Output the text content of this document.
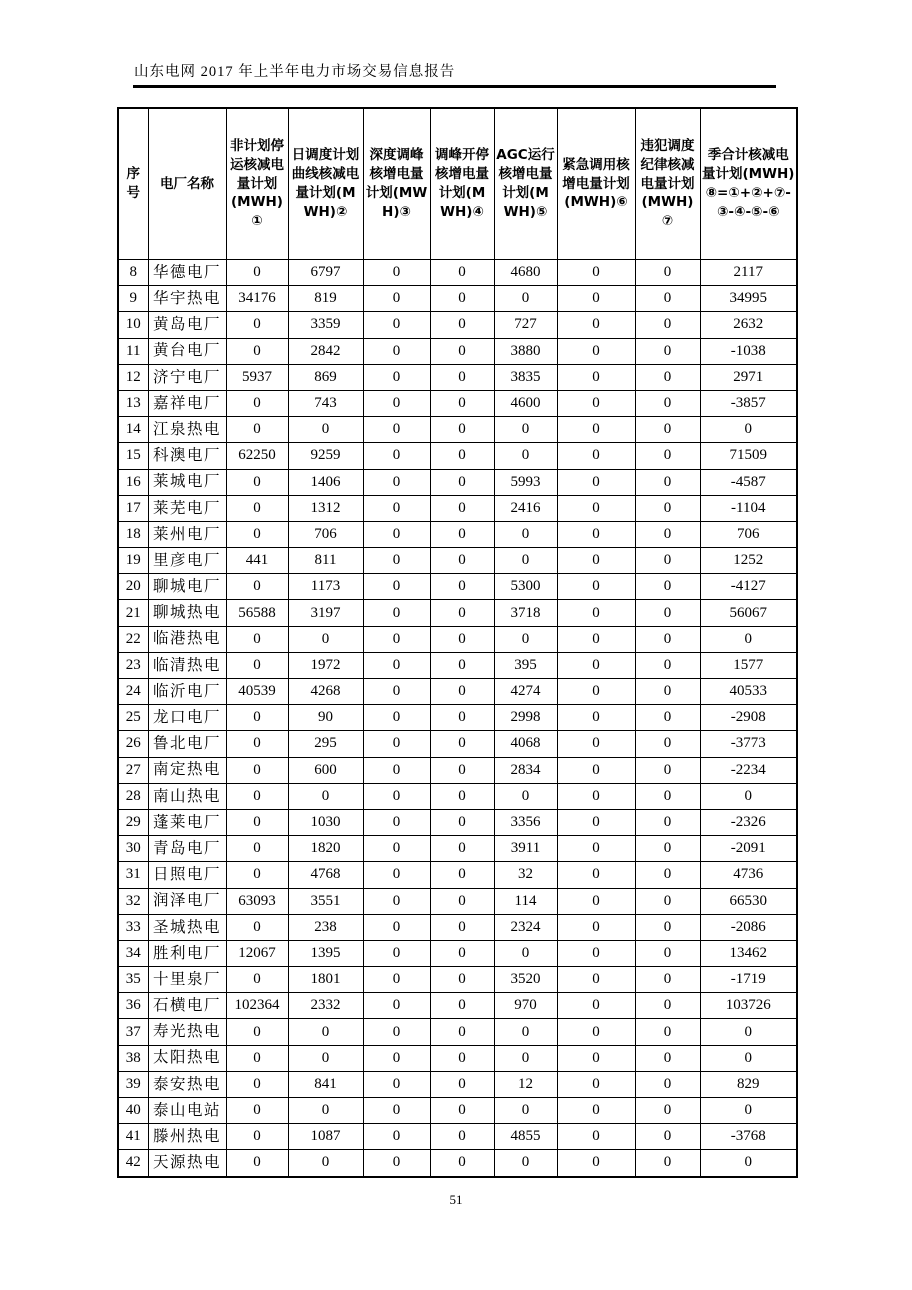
山东电网 2017 年上半年电力市场交易信息报告
序号	电厂名称	非计划停运核减电量计划(MWH)①	日调度计划曲线核减电量计划(MWH)②	深度调峰核增电量计划(MWH)③	调峰开停核增电量计划(MWH)④	AGC运行核增电量计划(MWH)⑤	紧急调用核增电量计划(MWH)⑥	违犯调度纪律核减电量计划(MWH)⑦	季合计核减电量计划(MWH)⑧=①+②+⑦-③-④-⑤-⑥
8	华德电厂	0	6797	0	0	4680	0	0	2117
9	华宇热电	34176	819	0	0	0	0	0	34995
10	黄岛电厂	0	3359	0	0	727	0	0	2632
11	黄台电厂	0	2842	0	0	3880	0	0	-1038
12	济宁电厂	5937	869	0	0	3835	0	0	2971
13	嘉祥电厂	0	743	0	0	4600	0	0	-3857
14	江泉热电	0	0	0	0	0	0	0	0
15	科澳电厂	62250	9259	0	0	0	0	0	71509
16	莱城电厂	0	1406	0	0	5993	0	0	-4587
17	莱芜电厂	0	1312	0	0	2416	0	0	-1104
18	莱州电厂	0	706	0	0	0	0	0	706
19	里彦电厂	441	811	0	0	0	0	0	1252
20	聊城电厂	0	1173	0	0	5300	0	0	-4127
21	聊城热电	56588	3197	0	0	3718	0	0	56067
22	临港热电	0	0	0	0	0	0	0	0
23	临清热电	0	1972	0	0	395	0	0	1577
24	临沂电厂	40539	4268	0	0	4274	0	0	40533
25	龙口电厂	0	90	0	0	2998	0	0	-2908
26	鲁北电厂	0	295	0	0	4068	0	0	-3773
27	南定热电	0	600	0	0	2834	0	0	-2234
28	南山热电	0	0	0	0	0	0	0	0
29	蓬莱电厂	0	1030	0	0	3356	0	0	-2326
30	青岛电厂	0	1820	0	0	3911	0	0	-2091
31	日照电厂	0	4768	0	0	32	0	0	4736
32	润泽电厂	63093	3551	0	0	114	0	0	66530
33	圣城热电	0	238	0	0	2324	0	0	-2086
34	胜利电厂	12067	1395	0	0	0	0	0	13462
35	十里泉厂	0	1801	0	0	3520	0	0	-1719
36	石横电厂	102364	2332	0	0	970	0	0	103726
37	寿光热电	0	0	0	0	0	0	0	0
38	太阳热电	0	0	0	0	0	0	0	0
39	泰安热电	0	841	0	0	12	0	0	829
40	泰山电站	0	0	0	0	0	0	0	0
41	滕州热电	0	1087	0	0	4855	0	0	-3768
42	天源热电	0	0	0	0	0	0	0	0
51
